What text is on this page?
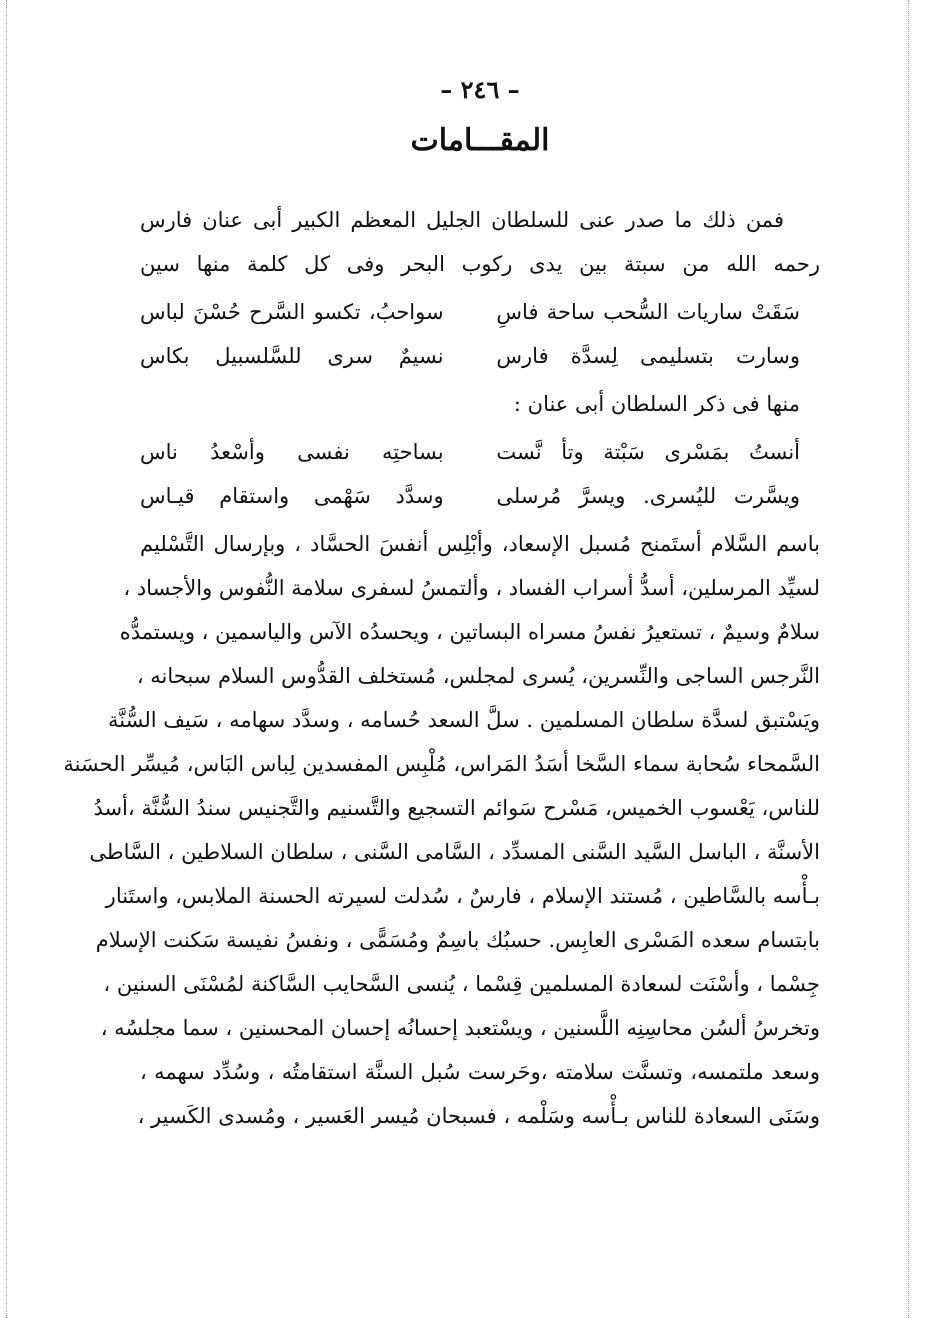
– ٢٤٦ –

المقـــامات
فمن ذلك ما صدر عنى للسلطان الجليل المعظم الكبير أبى عنان فارس
رحمه الله من سبتة بين يدى ركوب البحر وفى كل كلمة منها سين
سَقَتْ ساريات السُّحب ساحة فاسِ
سواحبُ، تكسو السَّرح حُسْنَ لباس
وسارت بتسليمى لِسدَّة فارس
نسيمٌ سرى للسَّلسبيل بكاس
منها فى ذكر السلطان أبى عنان :
أنستُ بمَسْرى سَبْتة وتأ نَّست
بساحتِه نفسى وأسْعدُ ناس
ويسَّرت لليُسرى. ويسرَّ مُرسلى
وسدَّد سَهْمى واستقام قيـاس
باسم السَّلام أستَمنح مُسبل الإسعاد، وأبْلِس أنفسَ الحسَّاد ، وبإرسال التَّسْليم
لسيِّد المرسلين، أسدُّ أسراب الفساد ، وألتمسُ لسفرى سلامة النُّفوس والأجساد ،
سلامٌ وسيمٌ ، تستعيرُ نفسُ مسراه البساتين ، ويحسدُه الآس والياسمين ، ويستمدُّه
النَّرجس الساجى والنِّسرين، يُسرى لمجلس، مُستخلف القدُّوس السلام سبحانه ،
ويَسْتبق لسدَّة سلطان المسلمين . سلَّ السعد حُسامه ، وسدَّد سهامه ، سَيف السُّنَّة
السَّمحاء سُحابة سماء السَّخا أسَدُ المَراس، مُلْبِس المفسدين لِباس البَاس، مُيسِّر الحسَنة
للناس، يَعْسوب الخميس، مَسْرح سَوائم التسجيع والتَّسنيم والتَّجنيس سندُ السُّنَّة ،أسدُ
الأسنَّة ، الباسل السَّيد السَّنى المسدِّد ، السَّامى السَّنى ، سلطان السلاطين ، السَّاطى
بـأْسه بالسَّاطين ، مُستند الإسلام ، فارسٌ ، سُدلت لسيرته الحسنة الملابس، واستَنار
بابتسام سعده المَسْرى العابِس. حسبُك باسِمٌ ومُسَمًّى ، ونفسُ نفيسة سَكنت الإسلام
جِسْما ، وأسْنَت لسعادة المسلمين قِسْما ، يُنسى السَّحايب السَّاكنة لمُسْنَى السنين ،
وتخرسُ ألسُن محاسِنِه اللَّسنين ، ويسْتعبد إحسانُه إحسان المحسنين ، سما مجلسُه ،
وسعد ملتمسه، وتسنَّت سلامته ،وحَرست سُبل السنَّة استقامتُه ، وسُدِّد سهمه ،
وسَنَى السعادة للناس بـأْسه وسَلْمه ، فسبحان مُيسر العَسير ، ومُسدى الكَسير ،
